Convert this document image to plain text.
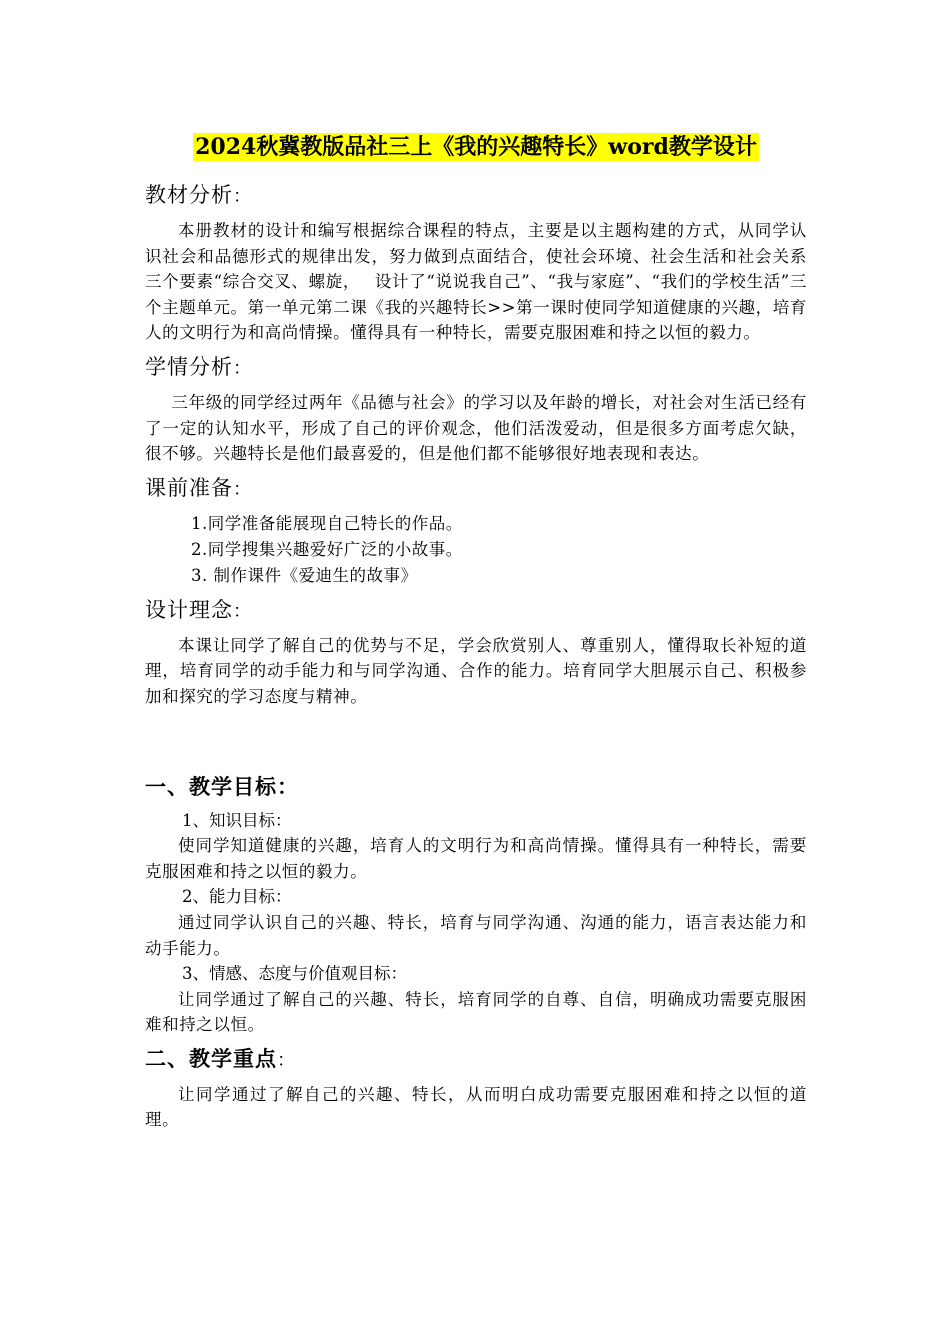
2024秋冀教版品社三上《我的兴趣特长》word教学设计
教材分析：

本册教材的设计和编写根据综合课程的特点，主要是以主题构建的方式，从同学认识社会和品德形式的规律出发，努力做到点面结合，使社会环境、社会生活和社会关系三个要素“综合交叉、螺旋，　 设计了“说说我自己”、“我与家庭”、“我们的学校生活”三个主题单元。第一单元第二课《我的兴趣特长>>第一课时使同学知道健康的兴趣，培育人的文明行为和高尚情操。懂得具有一种特长，需要克服困难和持之以恒的毅力。

学情分析：

三年级的同学经过两年《品德与社会》的学习以及年龄的增长，对社会对生活已经有了一定的认知水平，形成了自己的评价观念，他们活泼爱动，但是很多方面考虑欠缺，很不够。兴趣特长是他们最喜爱的，但是他们都不能够很好地表现和表达。

课前准备：
1.同学准备能展现自己特长的作品。
2.同学搜集兴趣爱好广泛的小故事。
3. 制作课件《爱迪生的故事》
设计理念：

本课让同学了解自己的优势与不足，学会欣赏别人、尊重别人，懂得取长补短的道理，培育同学的动手能力和与同学沟通、合作的能力。培育同学大胆展示自己、积极参加和探究的学习态度与精神。

一、教学目标：

1、知识目标：

使同学知道健康的兴趣，培育人的文明行为和高尚情操。懂得具有一种特长，需要克服困难和持之以恒的毅力。

2、能力目标：

通过同学认识自己的兴趣、特长，培育与同学沟通、沟通的能力，语言表达能力和动手能力。

3、情感、态度与价值观目标：

让同学通过了解自己的兴趣、特长，培育同学的自尊、自信，明确成功需要克服困难和持之以恒。

二、教学重点：

让同学通过了解自己的兴趣、特长，从而明白成功需要克服困难和持之以恒的道理。
